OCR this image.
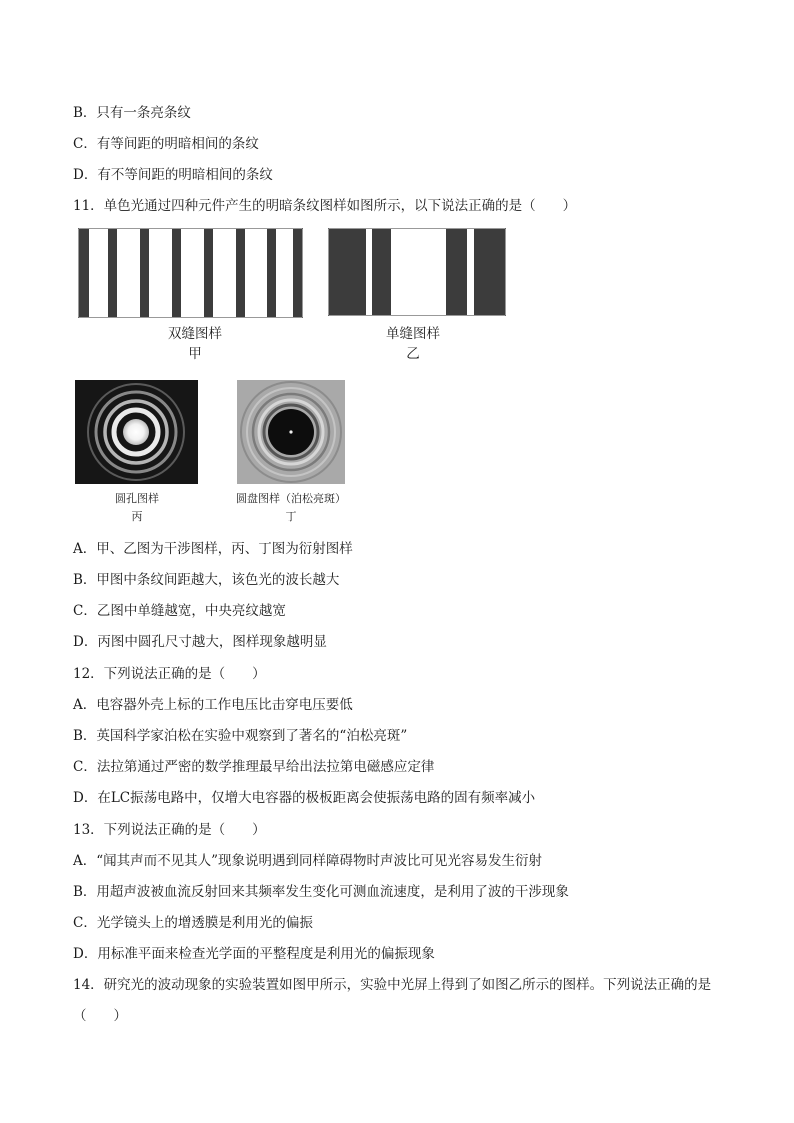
B．只有一条亮条纹
C．有等间距的明暗相间的条纹
D．有不等间距的明暗相间的条纹
11．单色光通过四种元件产生的明暗条纹图样如图所示，以下说法正确的是（　　）
双缝图样
甲
单缝图样
乙
圆孔图样
丙
圆盘图样（泊松亮斑）
丁
A．甲、乙图为干涉图样，丙、丁图为衍射图样
B．甲图中条纹间距越大，该色光的波长越大
C．乙图中单缝越宽，中央亮纹越宽
D．丙图中圆孔尺寸越大，图样现象越明显
12．下列说法正确的是（　　）
A．电容器外壳上标的工作电压比击穿电压要低
B．英国科学家泊松在实验中观察到了著名的“泊松亮斑”
C．法拉第通过严密的数学推理最早给出法拉第电磁感应定律
D．在LC振荡电路中，仅增大电容器的极板距离会使振荡电路的固有频率减小
13．下列说法正确的是（　　）
A．“闻其声而不见其人”现象说明遇到同样障碍物时声波比可见光容易发生衍射
B．用超声波被血流反射回来其频率发生变化可测血流速度，是利用了波的干涉现象
C．光学镜头上的增透膜是利用光的偏振
D．用标准平面来检查光学面的平整程度是利用光的偏振现象
14．研究光的波动现象的实验装置如图甲所示，实验中光屏上得到了如图乙所示的图样。下列说法正确的是（　　）
